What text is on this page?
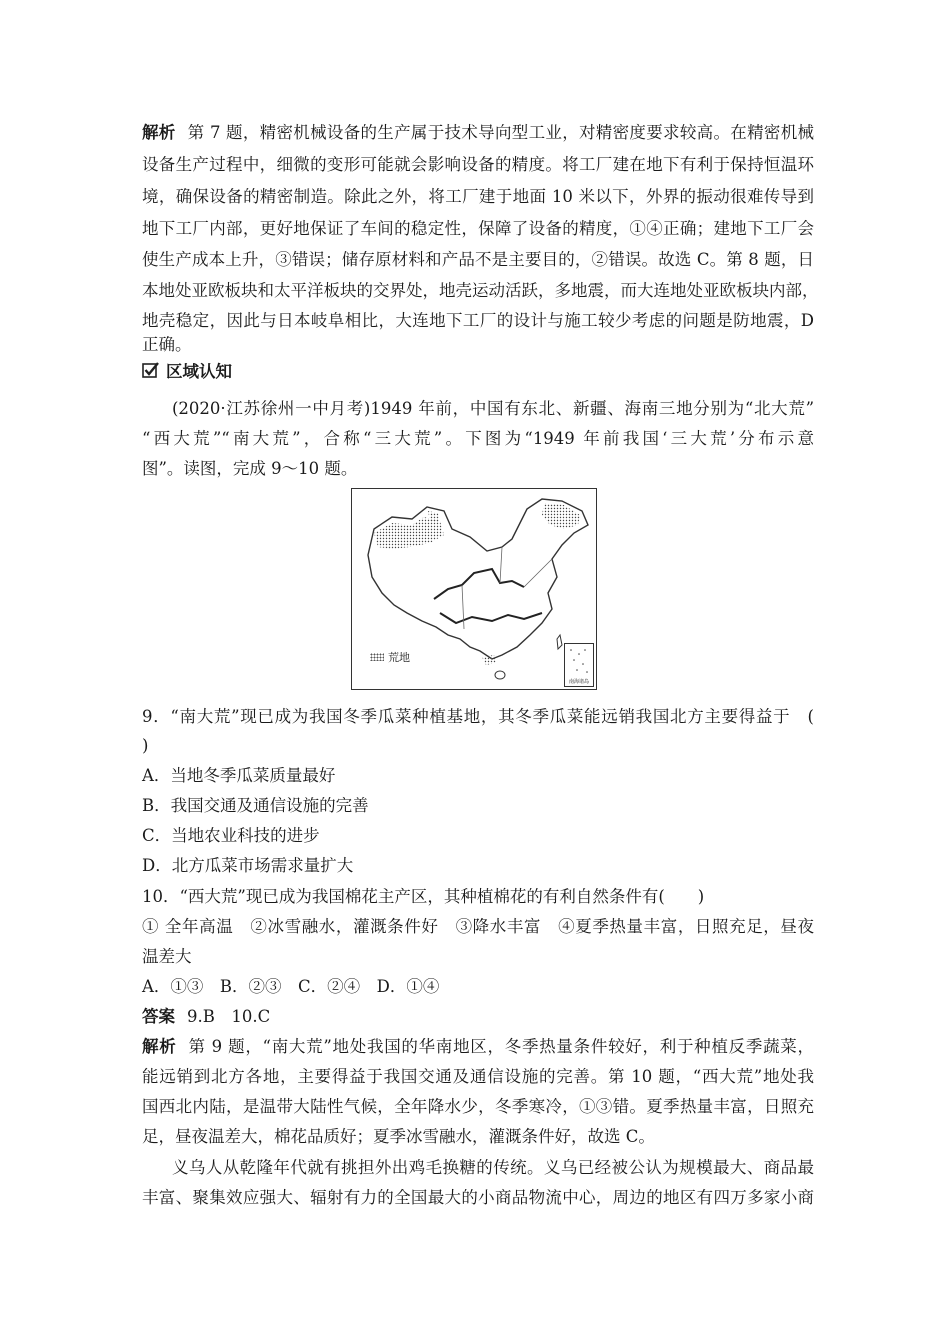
解析 第 7 题，精密机械设备的生产属于技术导向型工业，对精密度要求较高。在精密机械
设备生产过程中，细微的变形可能就会影响设备的精度。将工厂建在地下有利于保持恒温环
境，确保设备的精密制造。除此之外，将工厂建于地面 10 米以下，外界的振动很难传导到
地下工厂内部，更好地保证了车间的稳定性，保障了设备的精度，①④正确；建地下工厂会
使生产成本上升，③错误；储存原材料和产品不是主要目的，②错误。故选 C。第 8 题，日
本地处亚欧板块和太平洋板块的交界处，地壳运动活跃，多地震，而大连地处亚欧板块内部，
地壳稳定，因此与日本岐阜相比，大连地下工厂的设计与施工较少考虑的问题是防地震，D
正确。
区域认知
(2020·江苏徐州一中月考)1949 年前，中国有东北、新疆、海南三地分别为“北大荒”
“西大荒”“南大荒”，合称“三大荒”。下图为“1949 年前我国‘三大荒’分布示意
图”。读图，完成 9～10 题。
荒地
南海诸岛
9．“南大荒”现已成为我国冬季瓜菜种植基地，其冬季瓜菜能远销我国北方主要得益于　(
)
A．当地冬季瓜菜质量最好
B．我国交通及通信设施的完善
C．当地农业科技的进步
D．北方瓜菜市场需求量扩大
10．“西大荒”现已成为我国棉花主产区，其种植棉花的有利自然条件有(　　)
① 全年高温　②冰雪融水，灌溉条件好　③降水丰富　④夏季热量丰富，日照充足，昼夜
温差大
A．①③　B．②③　C．②④　D．①④
答案 9.B　10.C
解析 第 9 题，“南大荒”地处我国的华南地区，冬季热量条件较好，利于种植反季蔬菜，
能远销到北方各地，主要得益于我国交通及通信设施的完善。第 10 题，“西大荒”地处我
国西北内陆，是温带大陆性气候，全年降水少，冬季寒冷，①③错。夏季热量丰富，日照充
足，昼夜温差大，棉花品质好；夏季冰雪融水，灌溉条件好，故选 C。
义乌人从乾隆年代就有挑担外出鸡毛换糖的传统。义乌已经被公认为规模最大、商品最
丰富、聚集效应强大、辐射有力的全国最大的小商品物流中心，周边的地区有四万多家小商
